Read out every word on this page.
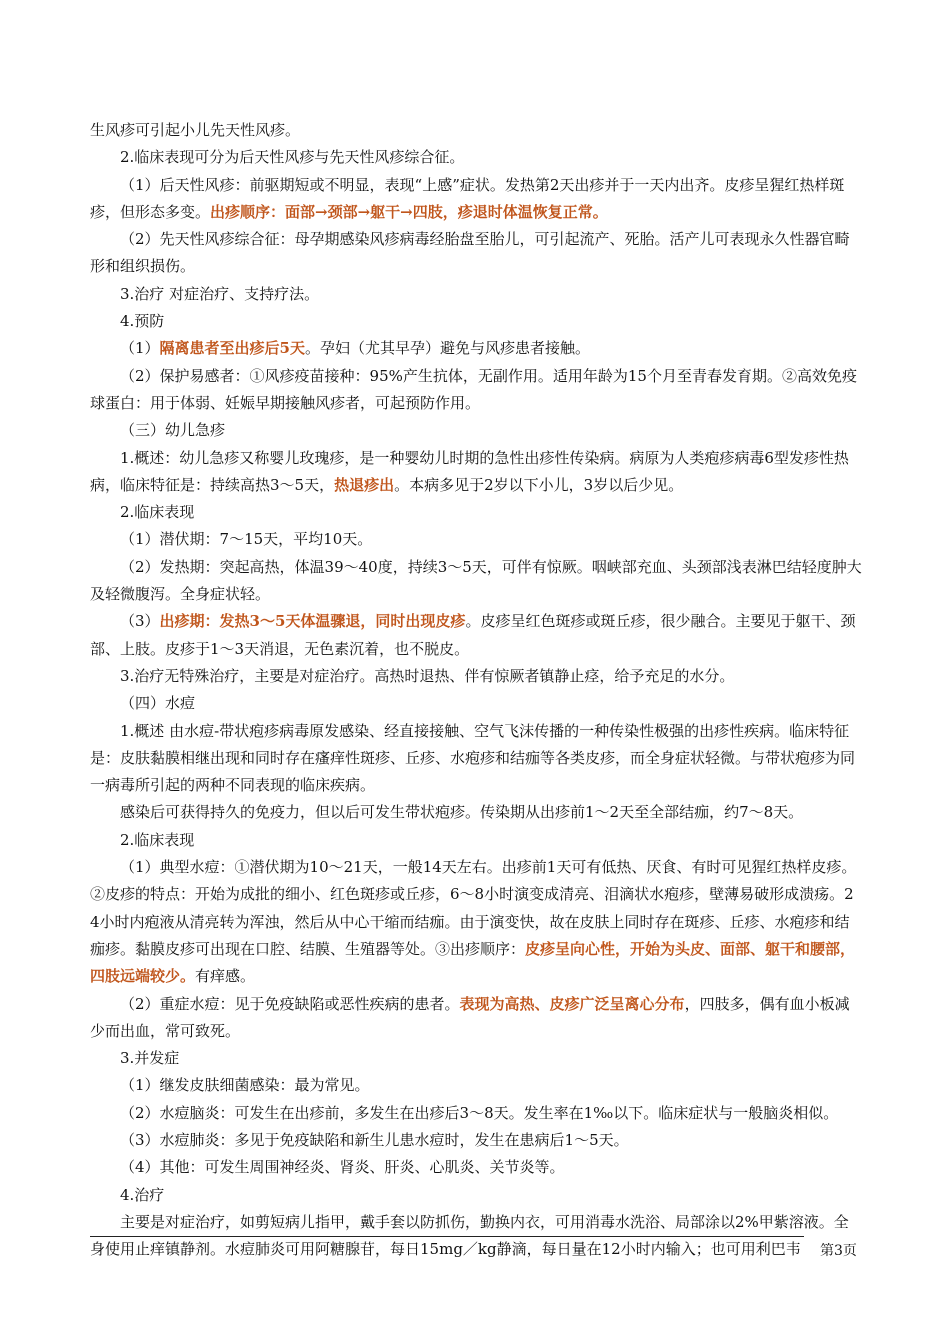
生风疹可引起小儿先天性风疹。

2.临床表现可分为后天性风疹与先天性风疹综合征。

（1）后天性风疹：前驱期短或不明显，表现“上感”症状。发热第2天出疹并于一天内出齐。皮疹呈猩红热样斑疹，但形态多变。出疹顺序：面部→颈部→躯干→四肢，疹退时体温恢复正常。

（2）先天性风疹综合征：母孕期感染风疹病毒经胎盘至胎儿，可引起流产、死胎。活产儿可表现永久性器官畸形和组织损伤。

3.治疗 对症治疗、支持疗法。

4.预防

（1）隔离患者至出疹后5天。孕妇（尤其早孕）避免与风疹患者接触。

（2）保护易感者：①风疹疫苗接种：95%产生抗体，无副作用。适用年龄为15个月至青春发育期。②高效免疫球蛋白：用于体弱、妊娠早期接触风疹者，可起预防作用。

（三）幼儿急疹

1.概述：幼儿急疹又称婴儿玫瑰疹，是一种婴幼儿时期的急性出疹性传染病。病原为人类疱疹病毒6型发疹性热病，临床特征是：持续高热3～5天，热退疹出。本病多见于2岁以下小儿，3岁以后少见。

2.临床表现

（1）潜伏期：7～15天，平均10天。

（2）发热期：突起高热，体温39～40度，持续3～5天，可伴有惊厥。咽峡部充血、头颈部浅表淋巴结轻度肿大及轻微腹泻。全身症状轻。

（3）出疹期：发热3～5天体温骤退，同时出现皮疹。皮疹呈红色斑疹或斑丘疹，很少融合。主要见于躯干、颈部、上肢。皮疹于1～3天消退，无色素沉着，也不脱皮。

3.治疗无特殊治疗，主要是对症治疗。高热时退热、伴有惊厥者镇静止痉，给予充足的水分。

（四）水痘

1.概述 由水痘-带状疱疹病毒原发感染、经直接接触、空气飞沫传播的一种传染性极强的出疹性疾病。临床特征是：皮肤黏膜相继出现和同时存在瘙痒性斑疹、丘疹、水疱疹和结痂等各类皮疹，而全身症状轻微。与带状疱疹为同一病毒所引起的两种不同表现的临床疾病。

感染后可获得持久的免疫力，但以后可发生带状疱疹。传染期从出疹前1～2天至全部结痂，约7～8天。

2.临床表现

（1）典型水痘：①潜伏期为10～21天，一般14天左右。出疹前1天可有低热、厌食、有时可见猩红热样皮疹。②皮疹的特点：开始为成批的细小、红色斑疹或丘疹，6～8小时演变成清亮、泪滴状水疱疹，壁薄易破形成溃疡。24小时内疱液从清亮转为浑浊，然后从中心干缩而结痂。由于演变快，故在皮肤上同时存在斑疹、丘疹、水疱疹和结痂疹。黏膜皮疹可出现在口腔、结膜、生殖器等处。③出疹顺序：皮疹呈向心性，开始为头皮、面部、躯干和腰部，四肢远端较少。有痒感。

（2）重症水痘：见于免疫缺陷或恶性疾病的患者。表现为高热、皮疹广泛呈离心分布，四肢多，偶有血小板减少而出血，常可致死。

3.并发症

（1）继发皮肤细菌感染：最为常见。

（2）水痘脑炎：可发生在出疹前，多发生在出疹后3～8天。发生率在1‰以下。临床症状与一般脑炎相似。

（3）水痘肺炎：多见于免疫缺陷和新生儿患水痘时，发生在患病后1～5天。

（4）其他：可发生周围神经炎、肾炎、肝炎、心肌炎、关节炎等。

4.治疗

主要是对症治疗，如剪短病儿指甲，戴手套以防抓伤，勤换内衣，可用消毒水洗浴、局部涂以2%甲紫溶液。全身使用止痒镇静剂。水痘肺炎可用阿糖腺苷，每日15mg／kg静滴，每日量在12小时内输入；也可用利巴韦	第3页
